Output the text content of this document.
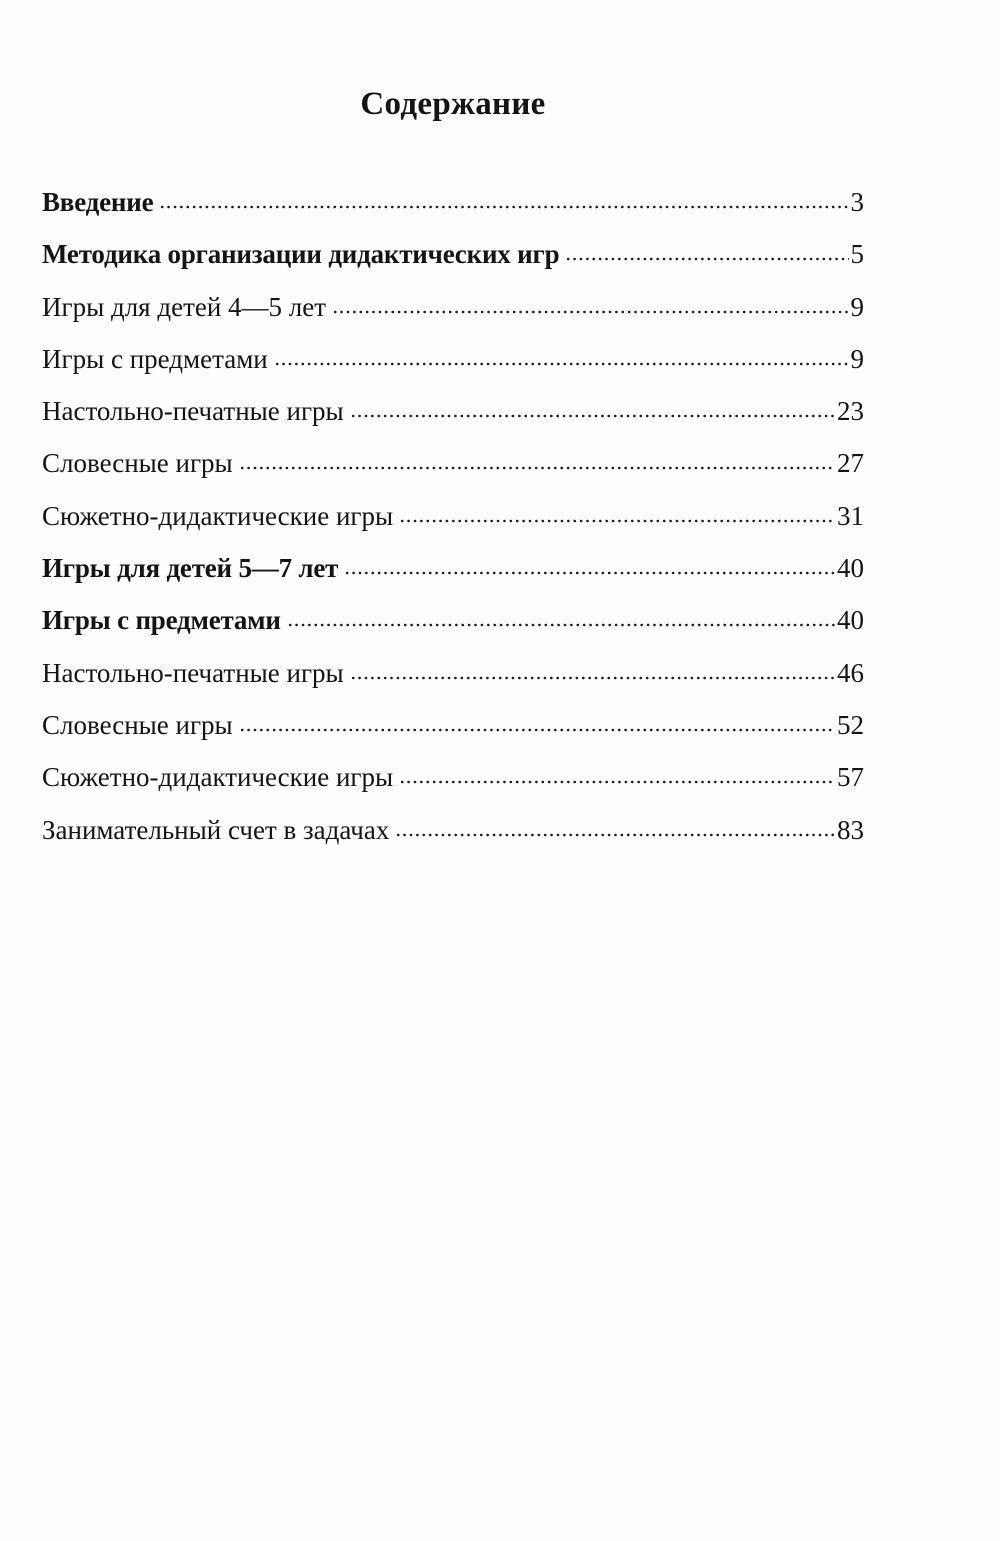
Содержание
Введение	3
Методика организации дидактических игр	5
Игры для детей 4—5 лет	9
Игры с предметами	9
Настольно-печатные игры	23
Словесные игры	27
Сюжетно-дидактические игры	31
Игры для детей 5—7 лет	40
Игры с предметами	40
Настольно-печатные игры	46
Словесные игры	52
Сюжетно-дидактические игры	57
Занимательный счет в задачах	83
